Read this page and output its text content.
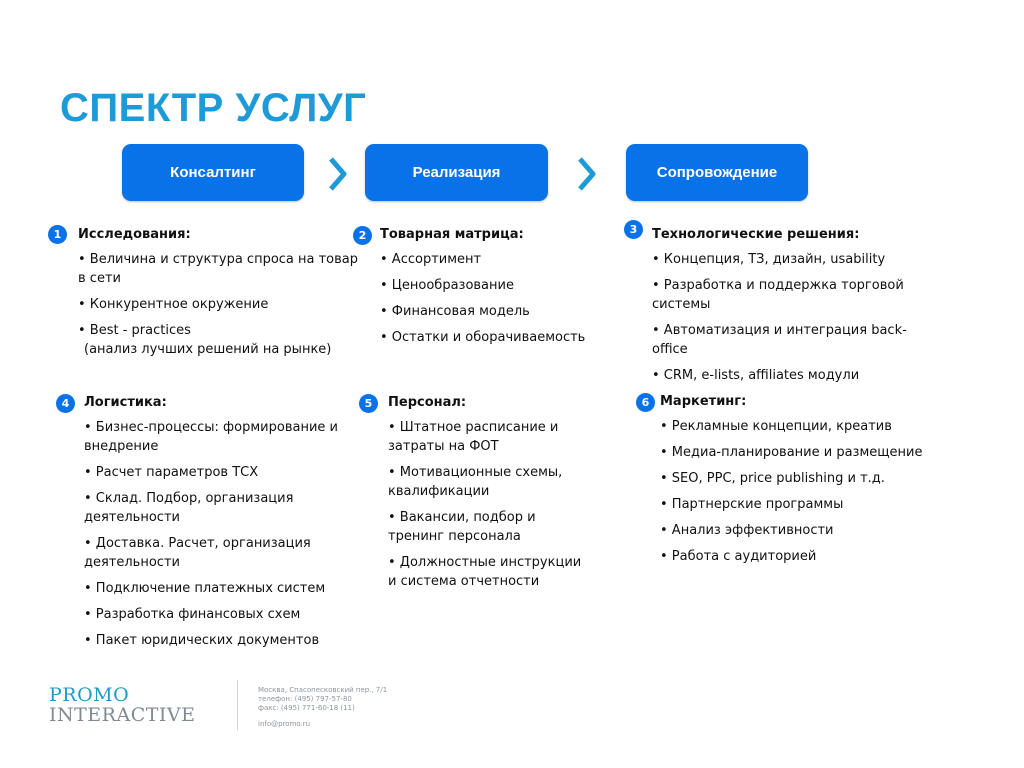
СПЕКТР УСЛУГ
Консалтинг	Реализация	Сопровождение
1	Исследования:
• Величина и структура спроса на товар в сети
• Конкурентное окружение
• Best - practices
(анализ лучших решений на рынке)
2	Товарная матрица:
• Ассортимент
• Ценообразование
• Финансовая модель
• Остатки и оборачиваемость
3	Технологические решения:
• Концепция, ТЗ, дизайн, usability
• Разработка и поддержка торговой системы
• Автоматизация и интеграция back-office
• CRM, e-lists, affiliates модули
4	Логистика:
• Бизнес-процессы: формирование и внедрение
• Расчет параметров ТСХ
• Склад. Подбор, организация деятельности
• Доставка. Расчет, организация деятельности
• Подключение платежных систем
• Разработка финансовых схем
• Пакет юридических документов
5	Персонал:
• Штатное расписание и затраты на ФОТ
• Мотивационные схемы, квалификации
• Вакансии, подбор и тренинг персонала
• Должностные инструкции и система отчетности
6 Маркетинг:
• Рекламные концепции, креатив
• Медиа-планирование и размещение
• SEO, PPC, price publishing и т.д.
• Партнерские программы
• Анализ эффективности
• Работа с аудиторией
PROMO
INTERACTIVE
Москва, Спасопесковский пер., 7/1
телефон: (495) 797-57-80
факс: (495) 771-60-18 (11)
info@promo.ru
